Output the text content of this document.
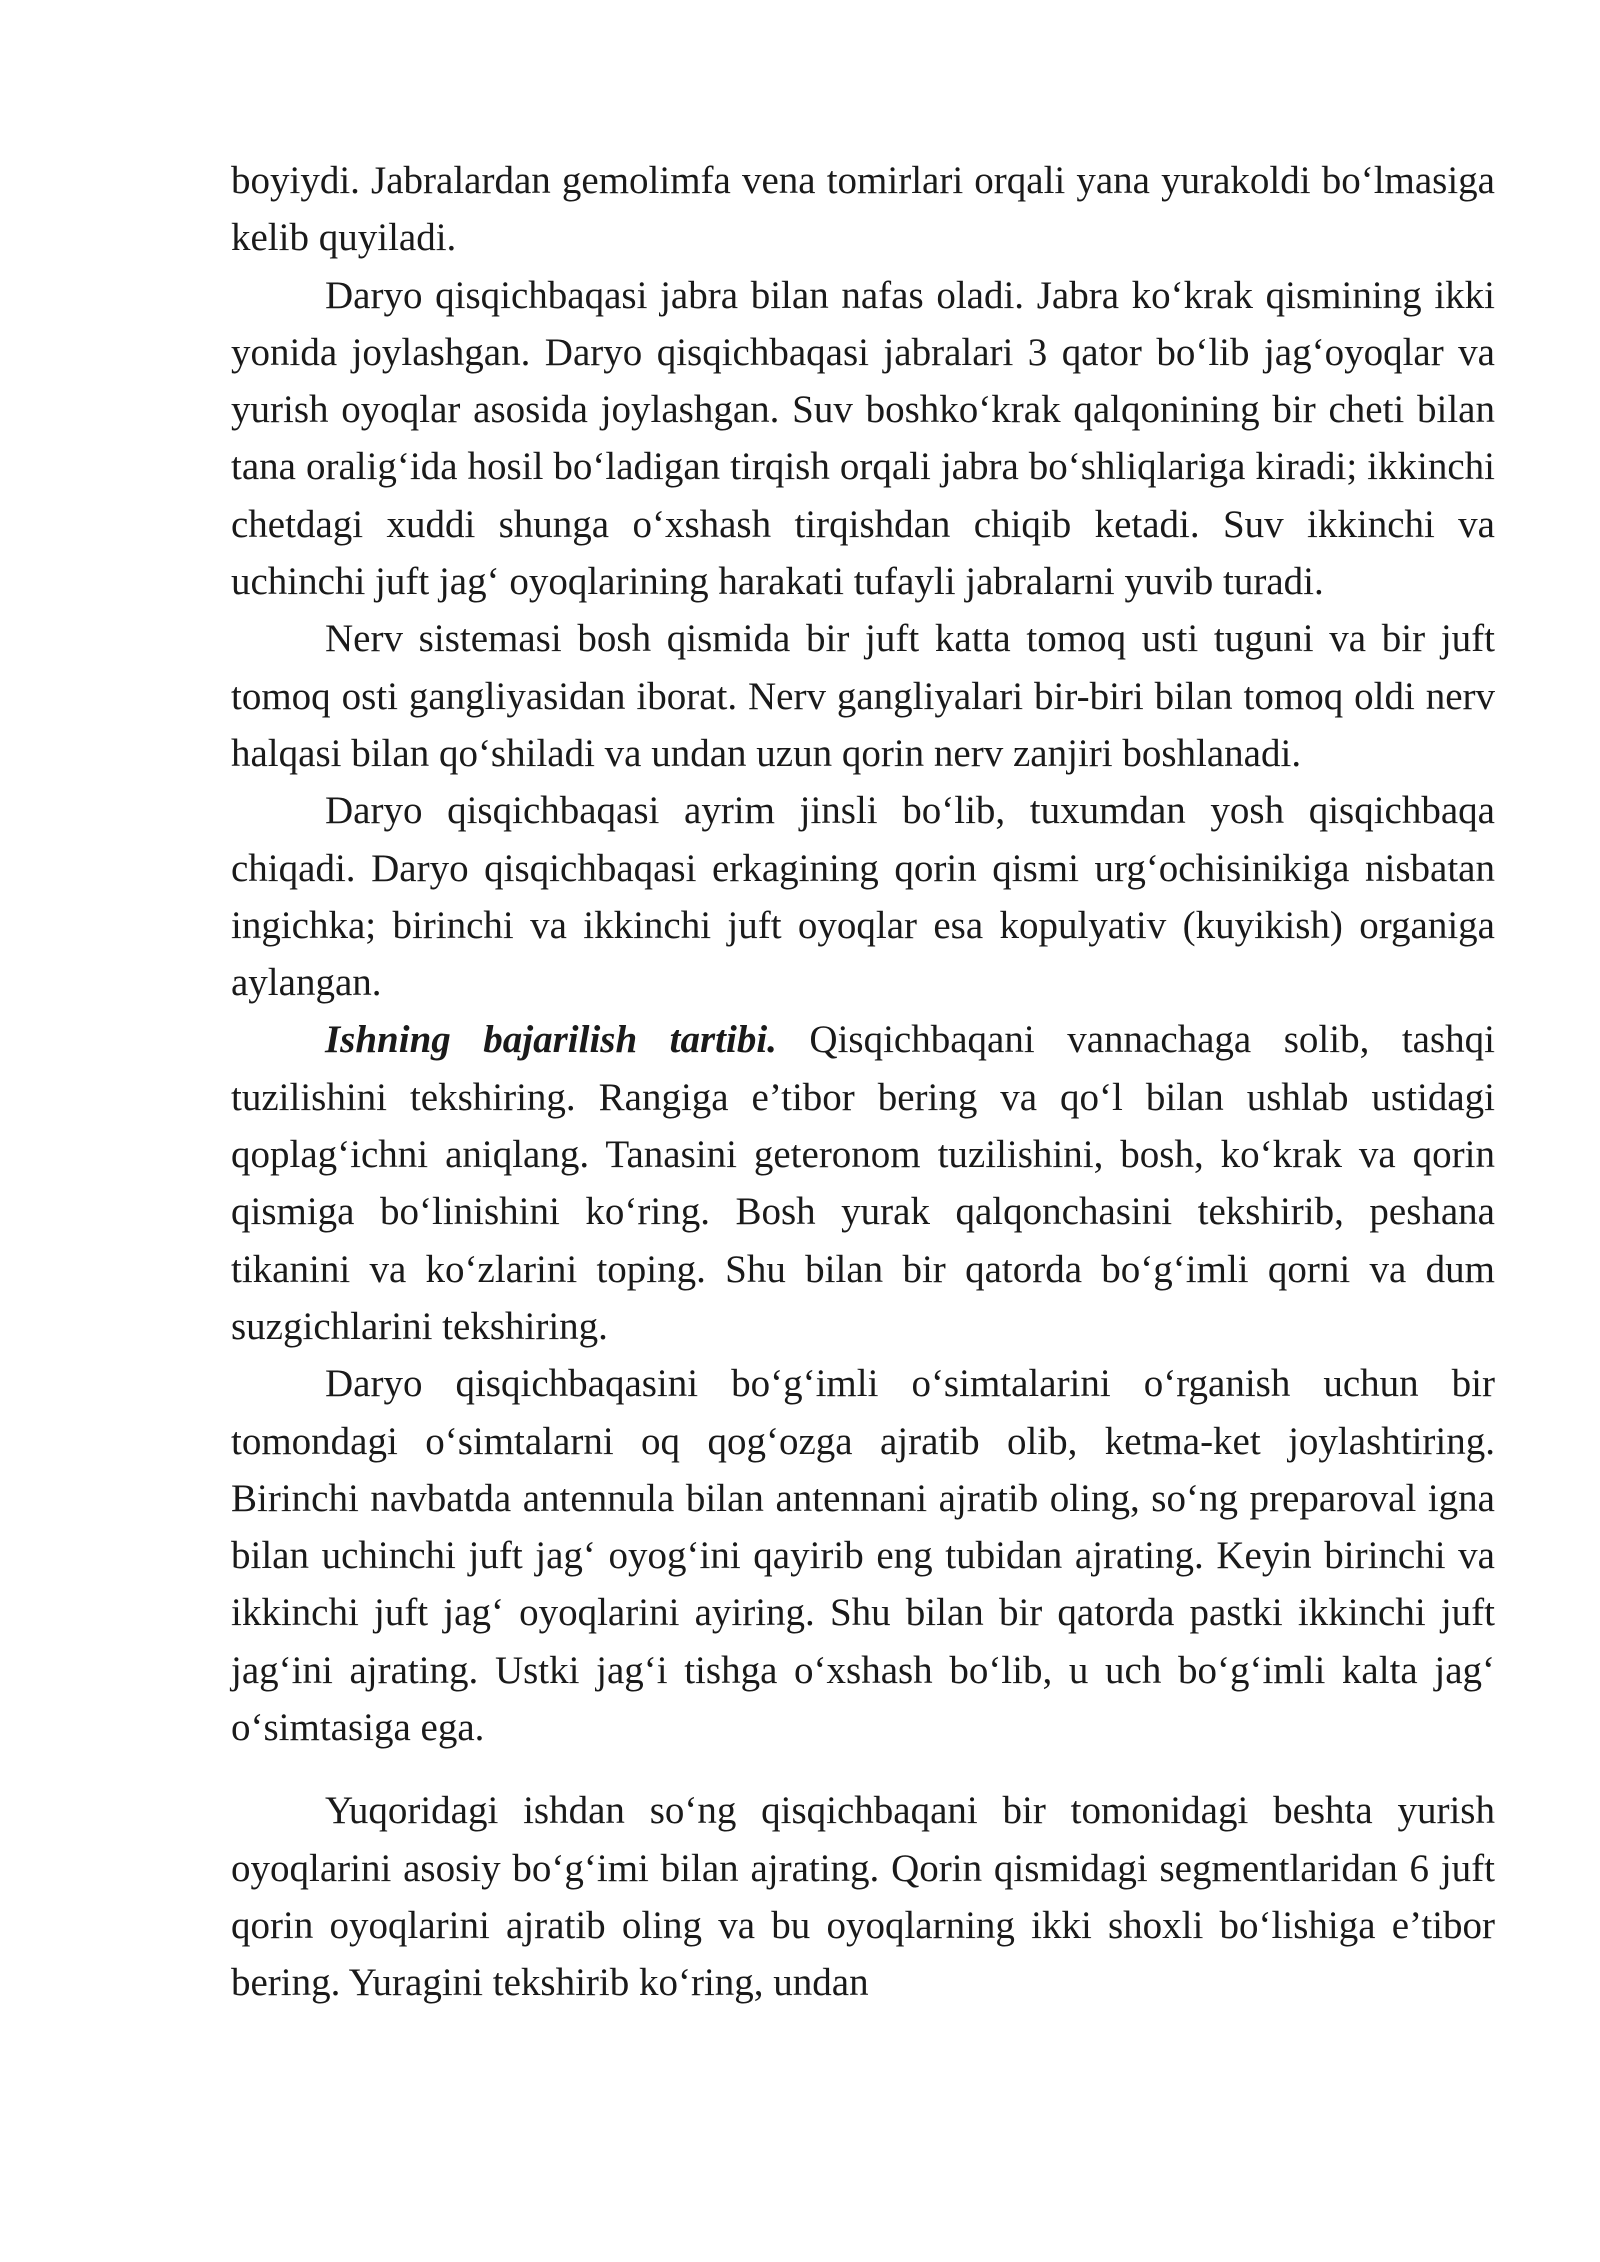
boyiydi. Jabralardan gemolimfa vena tomirlari orqali yana yurakoldi bo‘lmasiga kelib quyiladi.

Daryo qisqichbaqasi jabra bilan nafas oladi. Jabra ko‘krak qismining ikki yonida joylashgan. Daryo qisqichbaqasi jabralari 3 qator bo‘lib jag‘oyoqlar va yurish oyoqlar asosida joylashgan. Suv boshko‘krak qalqonining bir cheti bilan tana oralig‘ida hosil bo‘ladigan tirqish orqali jabra bo‘shliqlariga kiradi; ikkinchi chetdagi xuddi shunga o‘xshash tirqishdan chiqib ketadi. Suv ikkinchi va uchinchi juft jag‘ oyoqlarining harakati tufayli jabralarni yuvib turadi.

Nerv sistemasi bosh qismida bir juft katta tomoq usti tuguni va bir juft tomoq osti gangliyasidan iborat. Nerv gangliyalari bir-biri bilan tomoq oldi nerv halqasi bilan qo‘shiladi va undan uzun qorin nerv zanjiri boshlanadi.

Daryo qisqichbaqasi ayrim jinsli bo‘lib, tuxumdan yosh qisqichbaqa chiqadi. Daryo qisqichbaqasi erkagining qorin qismi urg‘ochisinikiga nisbatan ingichka; birinchi va ikkinchi juft oyoqlar esa kopulyativ (kuyikish) organiga aylangan.

Ishning bajarilish tartibi. Qisqichbaqani vannachaga solib, tashqi tuzilishini tekshiring. Rangiga e’tibor bering va qo‘l bilan ushlab ustidagi qoplag‘ichni aniqlang. Tanasini geteronom tuzilishini, bosh, ko‘krak va qorin qismiga bo‘linishini ko‘ring. Bosh yurak qalqonchasini tekshirib, peshana tikanini va ko‘zlarini toping. Shu bilan bir qatorda bo‘g‘imli qorni va dum suzgichlarini tekshiring.

Daryo qisqichbaqasini bo‘g‘imli o‘simtalarini o‘rganish uchun bir tomondagi o‘simtalarni oq qog‘ozga ajratib olib, ketma-ket joylashtiring. Birinchi navbatda antennula bilan antennani ajratib oling, so‘ng preparoval igna bilan uchinchi juft jag‘ oyog‘ini qayirib eng tubidan ajrating. Keyin birinchi va ikkinchi juft jag‘ oyoqlarini ayiring. Shu bilan bir qatorda pastki ikkinchi juft jag‘ini ajrating. Ustki jag‘i tishga o‘xshash bo‘lib, u uch bo‘g‘imli kalta jag‘ o‘simtasiga ega.

Yuqoridagi ishdan so‘ng qisqichbaqani bir tomonidagi beshta yurish oyoqlarini asosiy bo‘g‘imi bilan ajrating. Qorin qismidagi segmentlaridan 6 juft qorin oyoqlarini ajratib oling va bu oyoqlarning ikki shoxli bo‘lishiga e’tibor bering. Yuragini tekshirib ko‘ring, undan
